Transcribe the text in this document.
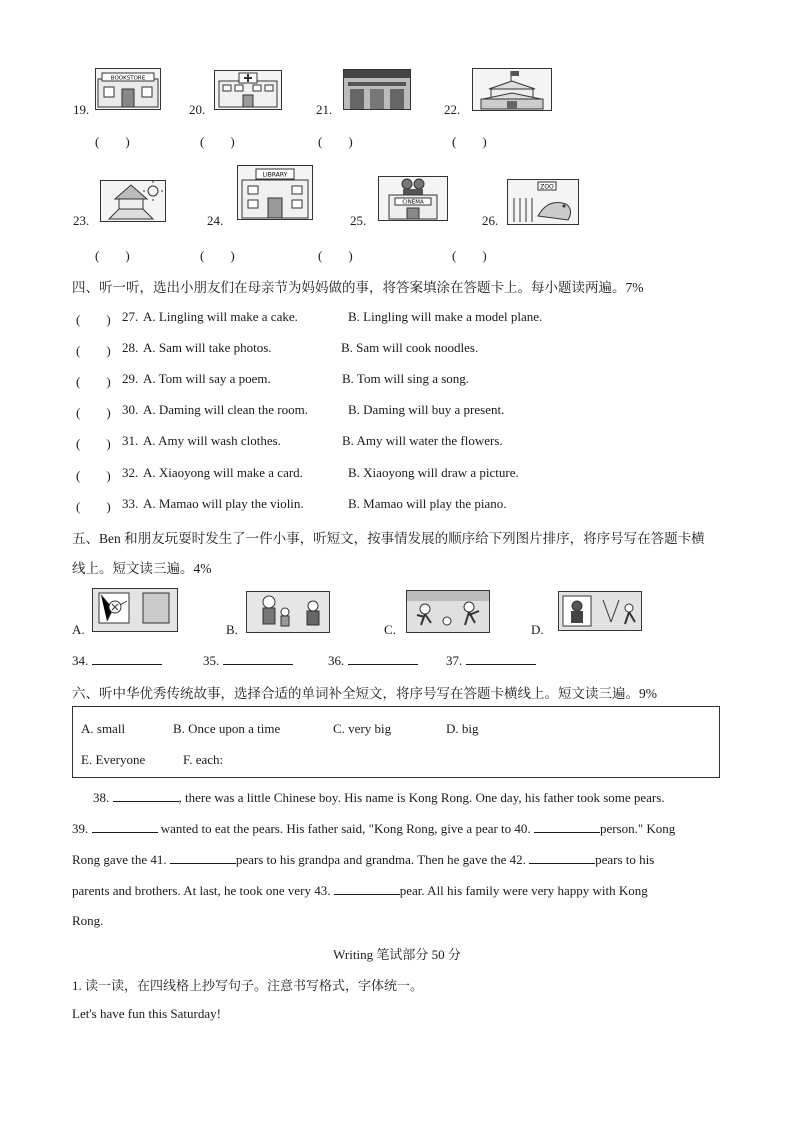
19.
BOOKSTORE
(　　)
20.
(　　)
21.
(　　)
22.
(　　)
23.
(　　)
24.
LIBRARY
(　　)
25.
CINEMA
(　　)
26.
ZOO
(　　)
四、听一听，选出小朋友们在母亲节为妈妈做的事，将答案填涂在答题卡上。每小题读两遍。7%
(　　) 27. A. Lingling will make a cake.	B. Lingling will make a model plane.
(　　) 28. A. Sam will take photos.	B. Sam will cook noodles.
(　　) 29. A. Tom will say a poem.	B. Tom will sing a song.
(　　) 30. A. Daming will clean the room.	B. Daming will buy a present.
(　　) 31. A. Amy will wash clothes.	B. Amy will water the flowers.
(　　) 32. A. Xiaoyong will make a card.	B. Xiaoyong will draw a picture.
(　　) 33. A. Mamao will play the violin.	B. Mamao will play the piano.
五、Ben 和朋友玩耍时发生了一件小事，听短文，按事情发展的顺序给下列图片排序，将序号写在答题卡横
线上。短文读三遍。4%
A.	B.	C.	D.
34.	35.	36.	37.
六、听中华优秀传统故事，选择合适的单词补全短文，将序号写在答题卡横线上。短文读三遍。9%
A. small	B. Once upon a time	C. very big	D. big
E. Everyone	F. each:
38.	, there was a little Chinese boy. His name is Kong Rong. One day, his father took some pears.
39.	wanted to eat the pears. His father said, "Kong Rong, give a pear to 40.	person." Kong
Rong gave the 41.	pears to his grandpa and grandma. Then he gave the 42.	pears to his
parents and brothers. At last, he took one very 43.	pear. All his family were very happy with Kong
Rong.
Writing 笔试部分 50 分
1. 读一读，在四线格上抄写句子。注意书写格式，字体统一。
Let's have fun this Saturday!
